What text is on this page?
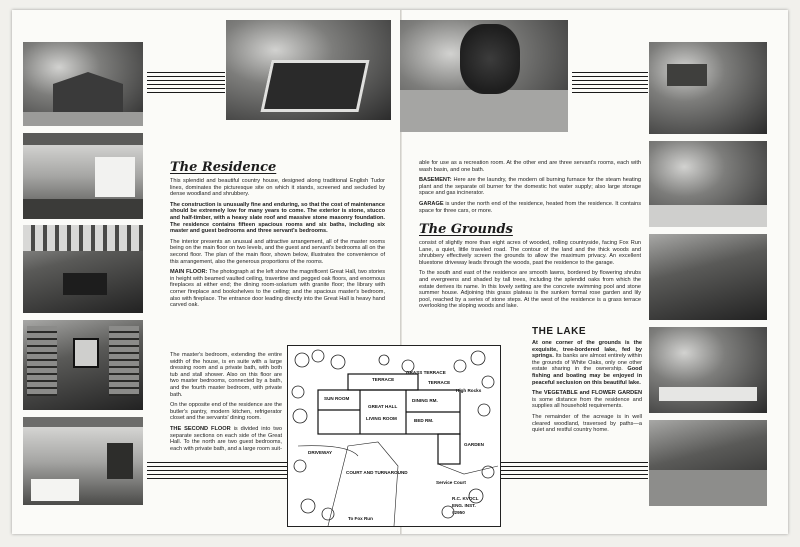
The Residence

This splendid and beautiful country house, designed along traditional English Tudor lines, dominates the picturesque site on which it stands, screened and secluded by dense woodland and shrubbery.

The construction is unusually fine and enduring, so that the cost of maintenance should be extremely low for many years to come. The exterior is stone, stucco and half-timber, with a heavy slate roof and massive stone masonry foundation. The residence contains fifteen spacious rooms and six baths, including six master and guest bedrooms and three servant's bedrooms.

The interior presents an unusual and attractive arrangement, all of the master rooms being on the main floor on two levels, and the guest and servant's bedrooms all on the second floor. The plan of the main floor, shown below, illustrates the convenience of this arrangement, also the generous proportions of the rooms.

MAIN FLOOR: The photograph at the left show the magnificent Great Hall, two stories in height with beamed vaulted ceiling, travertine and pegged oak floors, and enormous fireplaces at either end; the dining room-solarium with granite floor; the library with corner fireplace and bookshelves to the ceiling; and the spacious master's bedroom, also with fireplace. The entrance door leading directly into the Great Hall is heavy hand carved oak.

The master's bedroom, extending the entire width of the house, is en suite with a large dressing room and a private bath, with both tub and stall shower. Also on this floor are two master bedrooms, connected by a bath, and the fourth master bedroom, with private bath.

On the opposite end of the residence are the butler's pantry, modern kitchen, refrigerator closet and the servants' dining room.

THE SECOND FLOOR is divided into two separate sections on each side of the Great Hall. To the north are two guest bedrooms, each with private bath, and a large room suit-

able for use as a recreation room. At the other end are three servant's rooms, each with wash basin, and one bath.

BASEMENT: Here are the laundry, the modern oil burning furnace for the steam heating plant and the separate oil burner for the domestic hot water supply; also large storage space and gas incinerator.

GARAGE is under the north end of the residence, heated from the residence. It contains space for three cars, or more.

The Grounds

consist of slightly more than eight acres of wooded, rolling countryside, facing Fox Run Lane, a quiet, little traveled road. The contour of the land and the thick woods and shrubbery effectively screen the grounds to allow the maximum privacy. An excellent bluestone driveway leads through the woods, past the residence to the garage.

To the south and east of the residence are smooth lawns, bordered by flowering shrubs and evergreens and shaded by tall trees, including the splendid oaks from which the estate derives its name. In this lovely setting are the concrete swimming pool and stone summer house. Adjoining this grass plateau is the sunken formal rose garden and lily pool, reached by a series of stone steps. At the west of the residence is a grass terrace overlooking the sloping woods and lake.

THE LAKE

At one corner of the grounds is the exquisite, tree-bordered lake, fed by springs. Its banks are almost entirely within the grounds of White Oaks, only one other estate sharing in the ownership. Good fishing and boating may be enjoyed in peaceful seclusion on this beautiful lake.

The VEGETABLE and FLOWER GARDEN is some distance from the residence and supplies all household requirements.

The remainder of the acreage is in well cleared woodland, traversed by paths—a quiet and restful country home.

TERRACE
TERRACE
GRASS TERRACE
SUN ROOM
GREAT HALL
LIVING ROOM
DINING RM.
BED RM.
High Rocks
Service Court
DRIVEWAY
COURT AND TURNAROUND
GARDEN
To Fox Run
R.C. KVOCL
ENG. INST.
#2950
